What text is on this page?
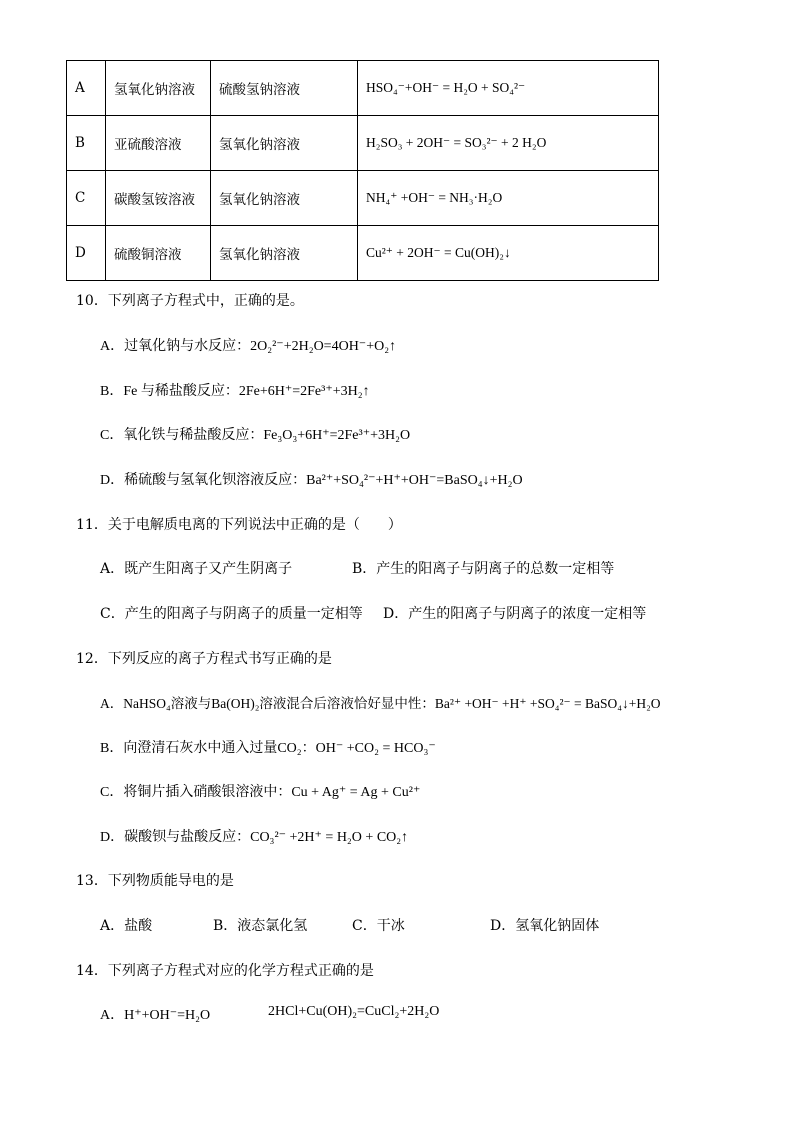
A	氢氧化钠溶液	硫酸氢钠溶液	HSO₄⁻+OH⁻ = H₂O + SO₄²⁻
B	亚硫酸溶液	氢氧化钠溶液	H₂SO₃ + 2OH⁻ = SO₃²⁻ + 2 H₂O
C	碳酸氢铵溶液	氢氧化钠溶液	NH₄⁺ +OH⁻ = NH₃·H₂O
D	硫酸铜溶液	氢氧化钠溶液	Cu²⁺ + 2OH⁻ = Cu(OH)₂↓
10．下列离子方程式中，正确的是。
A．过氧化钠与水反应：2O₂²⁻+2H₂O=4OH⁻+O₂↑
B．Fe 与稀盐酸反应：2Fe+6H⁺=2Fe³⁺+3H₂↑
C．氧化铁与稀盐酸反应：Fe₃O₃+6H⁺=2Fe³⁺+3H₂O
D．稀硫酸与氢氧化钡溶液反应：Ba²⁺+SO₄²⁻+H⁺+OH⁻=BaSO₄↓+H₂O
11．关于电解质电离的下列说法中正确的是（　　）
A．既产生阳离子又产生阴离子	B．产生的阳离子与阴离子的总数一定相等
C．产生的阳离子与阴离子的质量一定相等 D．产生的阳离子与阴离子的浓度一定相等
12．下列反应的离子方程式书写正确的是
A．NaHSO₄溶液与Ba(OH)₂溶液混合后溶液恰好显中性：Ba²⁺ +OH⁻ +H⁺ +SO₄²⁻ = BaSO₄↓+H₂O
B．向澄清石灰水中通入过量CO₂：OH⁻ +CO₂ = HCO₃⁻
C．将铜片插入硝酸银溶液中：Cu + Ag⁺ = Ag + Cu²⁺
D．碳酸钡与盐酸反应：CO₃²⁻ +2H⁺ = H₂O + CO₂↑
13．下列物质能导电的是
A．盐酸	B．液态氯化氢	C．干冰	D．氢氧化钠固体
14．下列离子方程式对应的化学方程式正确的是
A．H⁺+OH⁻=H₂O	2HCl+Cu(OH)₂=CuCl₂+2H₂O
